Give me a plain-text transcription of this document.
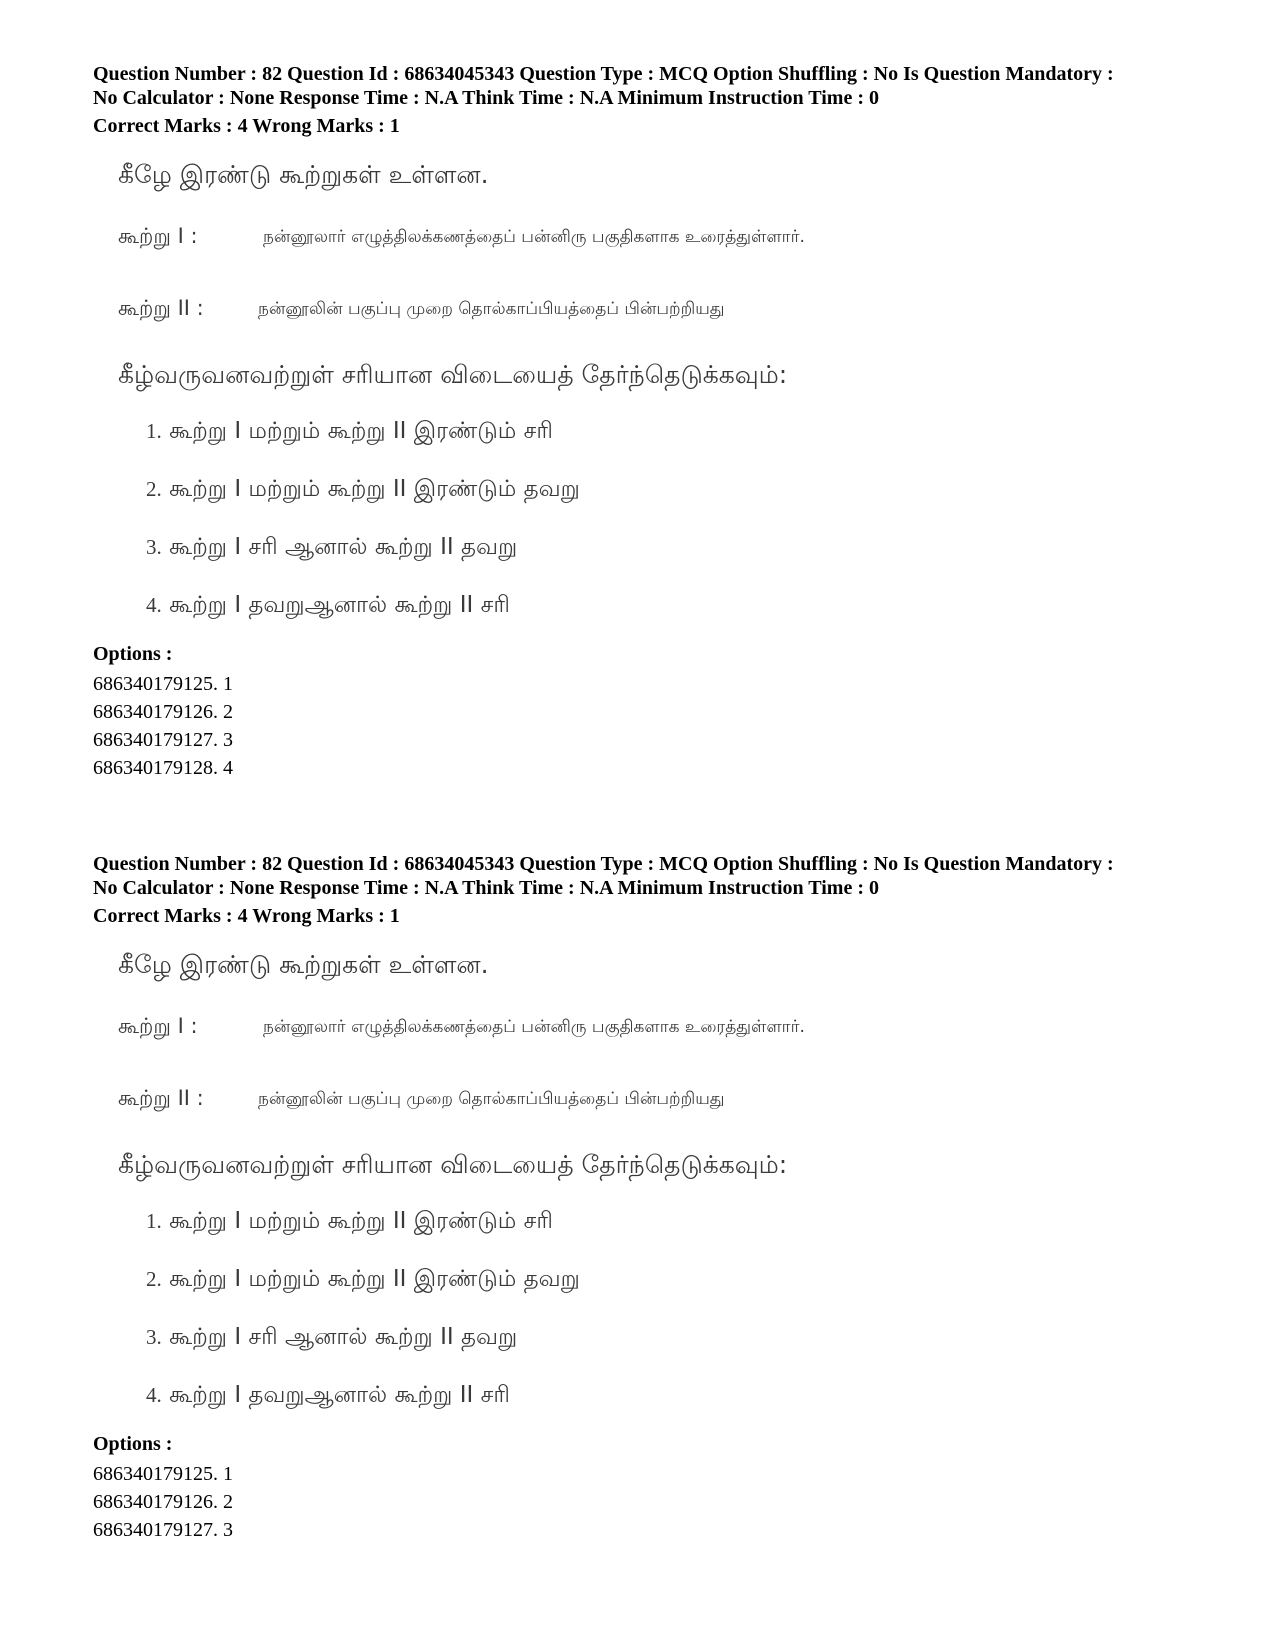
Question Number : 82 Question Id : 68634045343 Question Type : MCQ Option Shuffling : No Is Question Mandatory :
No Calculator : None Response Time : N.A Think Time : N.A Minimum Instruction Time : 0
Correct Marks : 4 Wrong Marks : 1
கீழே இரண்டு கூற்றுகள் உள்ளன.
கூற்று I :	நன்னூலார் எழுத்திலக்கணத்தைப் பன்னிரு பகுதிகளாக உரைத்துள்ளார்.
கூற்று II :	நன்னூலின் பகுப்பு முறை தொல்காப்பியத்தைப் பின்பற்றியது
கீழ்வருவனவற்றுள் சரியான விடையைத் தேர்ந்தெடுக்கவும்:
1. கூற்று I மற்றும் கூற்று II இரண்டும் சரி
2. கூற்று I மற்றும் கூற்று II இரண்டும் தவறு
3. கூற்று I சரி ஆனால் கூற்று II தவறு
4. கூற்று I தவறுஆனால் கூற்று II சரி
Options :
686340179125. 1
686340179126. 2
686340179127. 3
686340179128. 4
Question Number : 82 Question Id : 68634045343 Question Type : MCQ Option Shuffling : No Is Question Mandatory :
No Calculator : None Response Time : N.A Think Time : N.A Minimum Instruction Time : 0
Correct Marks : 4 Wrong Marks : 1
கீழே இரண்டு கூற்றுகள் உள்ளன.
கூற்று I :	நன்னூலார் எழுத்திலக்கணத்தைப் பன்னிரு பகுதிகளாக உரைத்துள்ளார்.
கூற்று II :	நன்னூலின் பகுப்பு முறை தொல்காப்பியத்தைப் பின்பற்றியது
கீழ்வருவனவற்றுள் சரியான விடையைத் தேர்ந்தெடுக்கவும்:
1. கூற்று I மற்றும் கூற்று II இரண்டும் சரி
2. கூற்று I மற்றும் கூற்று II இரண்டும் தவறு
3. கூற்று I சரி ஆனால் கூற்று II தவறு
4. கூற்று I தவறுஆனால் கூற்று II சரி
Options :
686340179125. 1
686340179126. 2
686340179127. 3
